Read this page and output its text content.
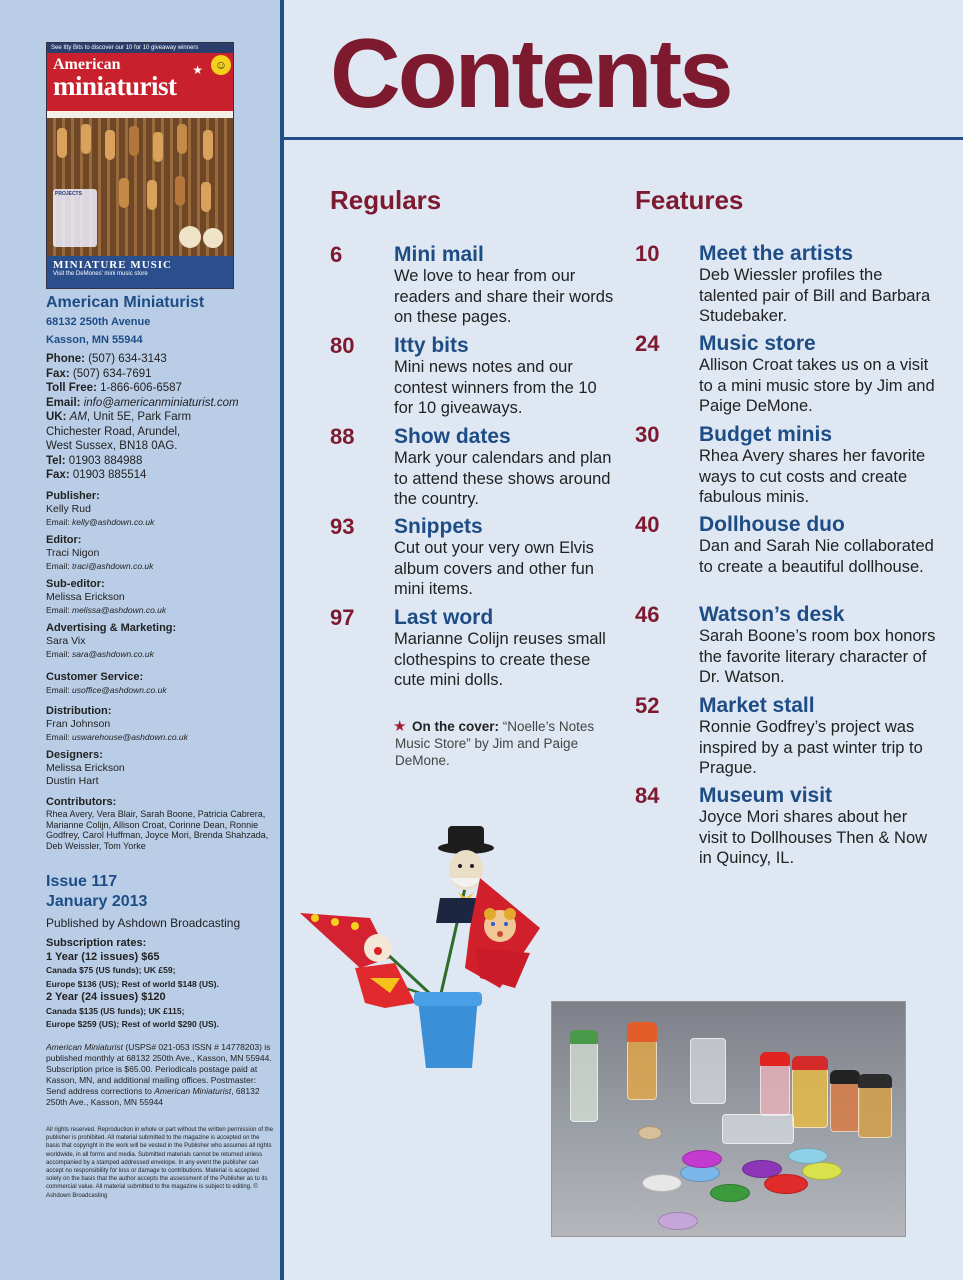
See Itty Bits to discover our 10 for 10 giveaway winners
American
miniaturist
★ ☺
PROJECTS
MINIATURE MUSIC
Visit the DeMones' mini music store
American Miniaturist
68132 250th Avenue
Kasson, MN 55944
Phone: (507) 634-3143
Fax: (507) 634-7691
Toll Free: 1-866-606-6587
Email: info@americanminiaturist.com
UK: AM, Unit 5E, Park Farm
Chichester Road, Arundel,
West Sussex, BN18 0AG.
Tel: 01903 884988
Fax: 01903 885514
Publisher:
Kelly Rud
Email: kelly@ashdown.co.uk
Editor:
Traci Nigon
Email: traci@ashdown.co.uk
Sub-editor:
Melissa Erickson
Email: melissa@ashdown.co.uk
Advertising & Marketing:
Sara Vix
Email: sara@ashdown.co.uk
Customer Service:
Email: usoffice@ashdown.co.uk
Distribution:
Fran Johnson
Email: uswarehouse@ashdown.co.uk
Designers:
Melissa Erickson
Dustin Hart
Contributors:
Rhea Avery, Vera Blair, Sarah Boone, Patricia Cabrera, Marianne Colijn, Allison Croat, Corinne Dean, Ronnie Godfrey, Carol Huffman, Joyce Mori, Brenda Shahzada, Deb Weissler, Tom Yorke
Issue 117
January 2013
Published by Ashdown Broadcasting
Subscription rates:
1 Year (12 issues) $65
Canada $75 (US funds); UK £59;
Europe $136 (US); Rest of world $148 (US).
2 Year (24 issues) $120
Canada $135 (US funds); UK £115;
Europe $259 (US); Rest of world $290 (US).
American Miniaturist (USPS# 021-053 ISSN # 14778203) is published monthly at 68132 250th Ave., Kasson, MN 55944. Subscription price is $65.00. Periodicals postage paid at Kasson, MN, and additional mailing offices. Postmaster: Send address corrections to American Miniaturist, 68132 250th Ave., Kasson, MN 55944
All rights reserved. Reproduction in whole or part without the written permission of the publisher is prohibited. All material submitted to the magazine is accepted on the basis that copyright in the work will be vested in the Publisher who assumes all rights worldwide, in all forms and media. Submitted materials cannot be returned unless accompanied by a stamped addressed envelope. In any event the publisher can accept no responsibility for loss or damage to contributions. Material is accepted solely on the basis that the author accepts the assessment of the Publisher as to its commercial value. All material submitted to the magazine is subject to editing. © Ashdown Broadcasting
Contents
Regulars
6 Mini mail
We love to hear from our readers and share their words on these pages.
80 Itty bits
Mini news notes and our contest winners from the 10 for 10 giveaways.
88 Show dates
Mark your calendars and plan to attend these shows around the country.
93 Snippets
Cut out your very own Elvis album covers and other fun mini items.
97 Last word
Marianne Colijn reuses small clothespins to create these cute mini dolls.
★ On the cover: “Noelle’s Notes Music Store” by Jim and Paige DeMone.
Features
10 Meet the artists
Deb Wiessler profiles the talented pair of Bill and Barbara Studebaker.
24 Music store
Allison Croat takes us on a visit to a mini music store by Jim and Paige DeMone.
30 Budget minis
Rhea Avery shares her favorite ways to cut costs and create fabulous minis.
40 Dollhouse duo
Dan and Sarah Nie collaborated to create a beautiful dollhouse.
46 Watson’s desk
Sarah Boone’s room box honors the favorite literary character of Dr. Watson.
52 Market stall
Ronnie Godfrey’s project was inspired by a past winter trip to Prague.
84 Museum visit
Joyce Mori shares about her visit to Dollhouses Then & Now in Quincy, IL.
